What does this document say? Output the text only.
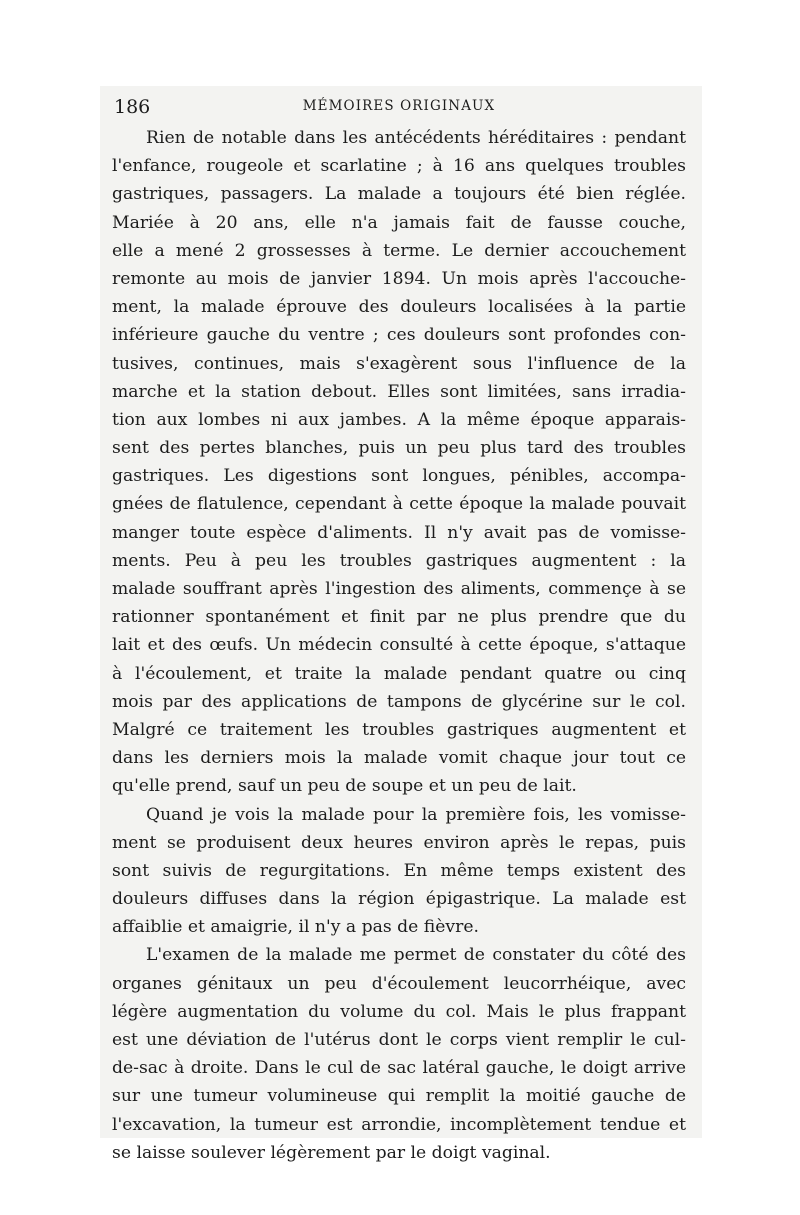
186	MÉMOIRES ORIGINAUX
Rien de notable dans les antécédents héréditaires : pendant
l'enfance, rougeole et scarlatine ; à 16 ans quelques troubles
gastriques, passagers. La malade a toujours été bien réglée.
Mariée à 20 ans, elle n'a jamais fait de fausse couche,
elle a mené 2 grossesses à terme. Le dernier accouchement
remonte au mois de janvier 1894. Un mois après l'accouche-
ment, la malade éprouve des douleurs localisées à la partie
inférieure gauche du ventre ; ces douleurs sont profondes con-
tusives, continues, mais s'exagèrent sous l'influence de la
marche et la station debout. Elles sont limitées, sans irradia-
tion aux lombes ni aux jambes. A la même époque apparais-
sent des pertes blanches, puis un peu plus tard des troubles
gastriques. Les digestions sont longues, pénibles, accompa-
gnées de flatulence, cependant à cette époque la malade pouvait
manger toute espèce d'aliments. Il n'y avait pas de vomisse-
ments. Peu à peu les troubles gastriques augmentent : la
malade souffrant après l'ingestion des aliments, commençe à se
rationner spontanément et finit par ne plus prendre que du
lait et des œufs. Un médecin consulté à cette époque, s'attaque
à l'écoulement, et traite la malade pendant quatre ou cinq
mois par des applications de tampons de glycérine sur le col.
Malgré ce traitement les troubles gastriques augmentent et
dans les derniers mois la malade vomit chaque jour tout ce
qu'elle prend, sauf un peu de soupe et un peu de lait.
Quand je vois la malade pour la première fois, les vomisse-
ment se produisent deux heures environ après le repas, puis
sont suivis de regurgitations. En même temps existent des
douleurs diffuses dans la région épigastrique. La malade est
affaiblie et amaigrie, il n'y a pas de fièvre.
L'examen de la malade me permet de constater du côté des
organes génitaux un peu d'écoulement leucorrhéique, avec
légère augmentation du volume du col. Mais le plus frappant
est une déviation de l'utérus dont le corps vient remplir le cul-
de-sac à droite. Dans le cul de sac latéral gauche, le doigt arrive
sur une tumeur volumineuse qui remplit la moitié gauche de
l'excavation, la tumeur est arrondie, incomplètement tendue et
se laisse soulever légèrement par le doigt vaginal.
